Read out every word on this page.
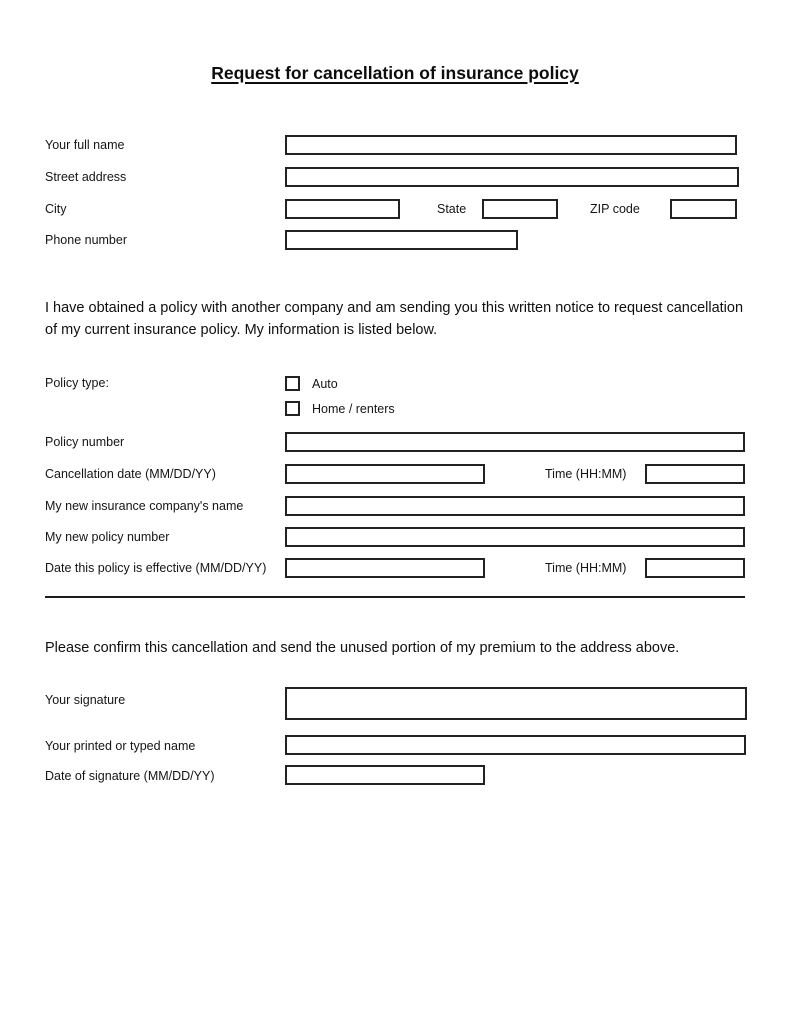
Request for cancellation of insurance policy
Your full name
Street address
City	State	ZIP code
Phone number

I have obtained a policy with another company and am sending you this written notice to request cancellation of my current insurance policy. My information is listed below.

Policy type:	Auto
Home / renters
Policy number
Cancellation date (MM/DD/YY)	Time (HH:MM)
My new insurance company's name
My new policy number
Date this policy is effective (MM/DD/YY)	Time (HH:MM)

Please confirm this cancellation and send the unused portion of my premium to the address above.

Your signature
Your printed or typed name
Date of signature (MM/DD/YY)
